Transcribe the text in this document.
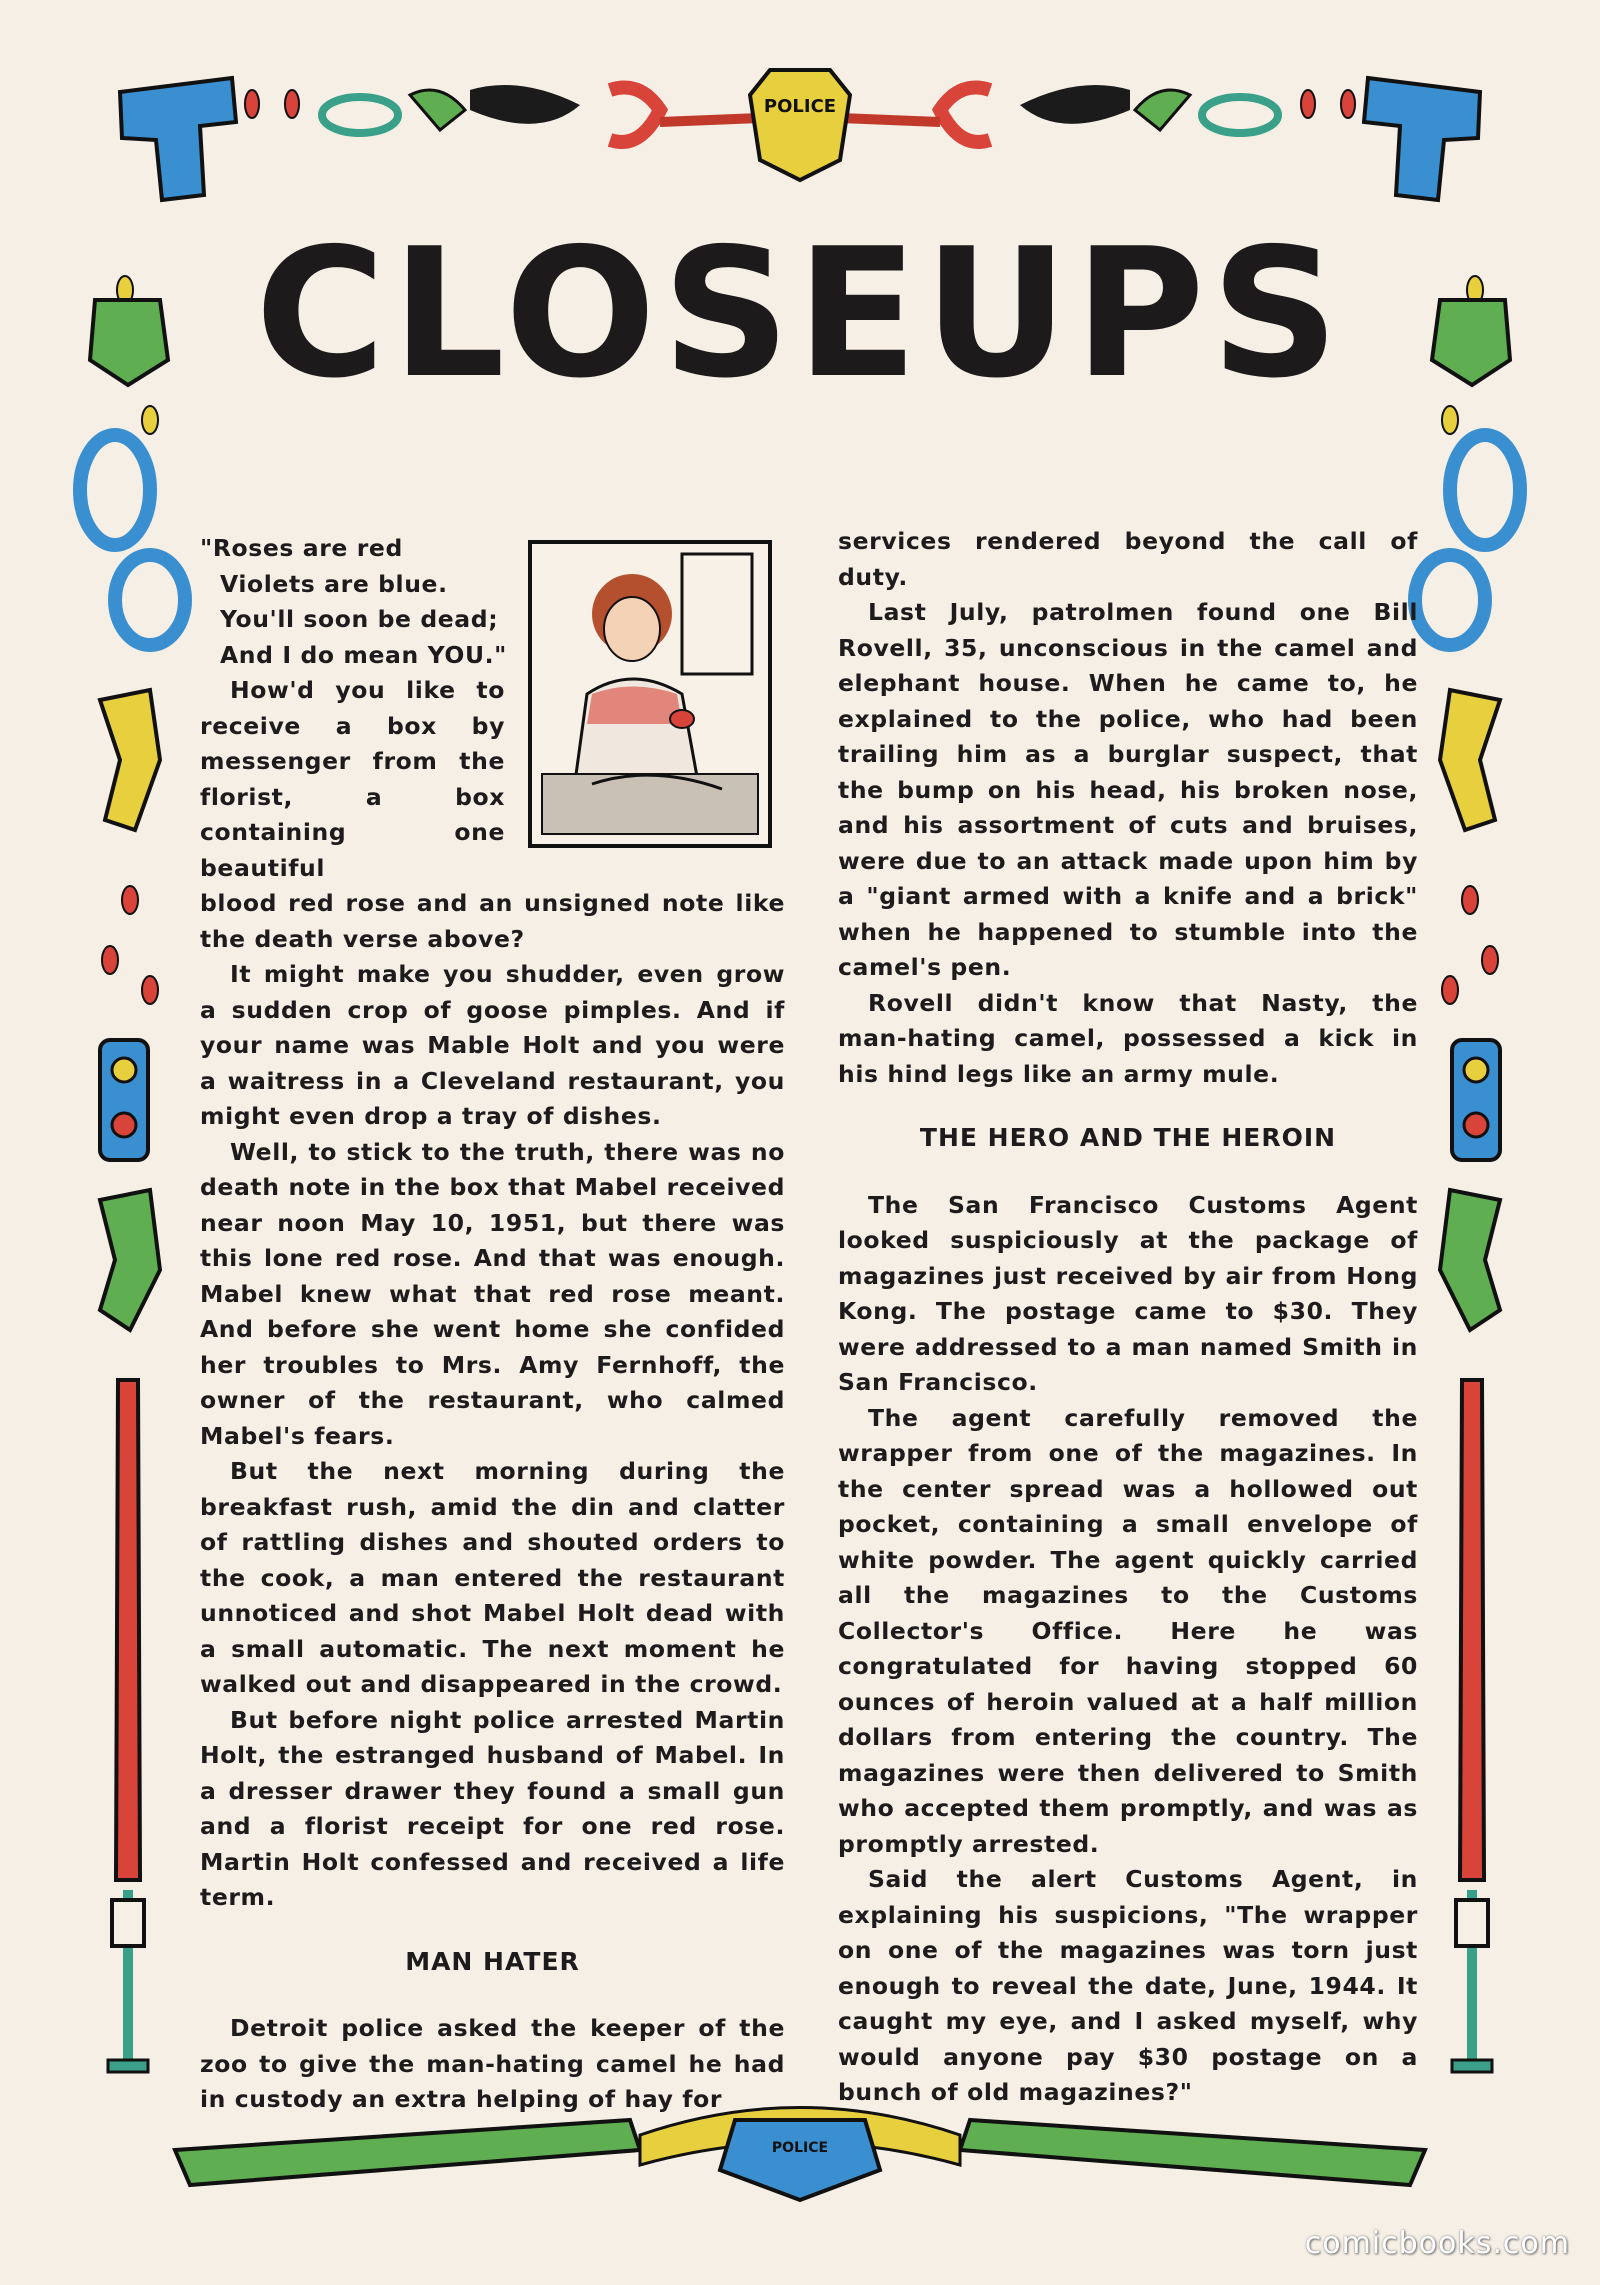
POLICE
POLICE
CLOSEUPS
"Roses are red
Violets are blue.
You'll soon be dead;
And I do mean YOU."

How'd you like to receive a box by messenger from the florist, a box containing one beautiful

blood red rose and an unsigned note like the death verse above?

It might make you shudder, even grow a sudden crop of goose pimples. And if your name was Mable Holt and you were a waitress in a Cleveland restaurant, you might even drop a tray of dishes.

Well, to stick to the truth, there was no death note in the box that Mabel received near noon May 10, 1951, but there was this lone red rose. And that was enough. Mabel knew what that red rose meant. And before she went home she confided her troubles to Mrs. Amy Fernhoff, the owner of the restaurant, who calmed Mabel's fears.

But the next morning during the breakfast rush, amid the din and clatter of rattling dishes and shouted orders to the cook, a man entered the restaurant unnoticed and shot Mabel Holt dead with a small automatic. The next moment he walked out and disappeared in the crowd.

But before night police arrested Martin Holt, the estranged husband of Mabel. In a dresser drawer they found a small gun and a florist receipt for one red rose. Martin Holt confessed and received a life term.

MAN HATER

Detroit police asked the keeper of the zoo to give the man-hating camel he had in custody an extra helping of hay for

services rendered beyond the call of duty.

Last July, patrolmen found one Bill Rovell, 35, unconscious in the camel and elephant house. When he came to, he explained to the police, who had been trailing him as a burglar suspect, that the bump on his head, his broken nose, and his assortment of cuts and bruises, were due to an attack made upon him by a "giant armed with a knife and a brick" when he happened to stumble into the camel's pen.

Rovell didn't know that Nasty, the man-hating camel, possessed a kick in his hind legs like an army mule.

THE HERO AND THE HEROIN

The San Francisco Customs Agent looked suspiciously at the package of magazines just received by air from Hong Kong. The postage came to $30. They were addressed to a man named Smith in San Francisco.

The agent carefully removed the wrapper from one of the magazines. In the center spread was a hollowed out pocket, containing a small envelope of white powder. The agent quickly carried all the magazines to the Customs Collector's Office. Here he was congratulated for having stopped 60 ounces of heroin valued at a half million dollars from entering the country. The magazines were then delivered to Smith who accepted them promptly, and was as promptly arrested.

Said the alert Customs Agent, in explaining his suspicions, "The wrapper on one of the magazines was torn just enough to reveal the date, June, 1944. It caught my eye, and I asked myself, why would anyone pay $30 postage on a bunch of old magazines?"

comicbooks.com
